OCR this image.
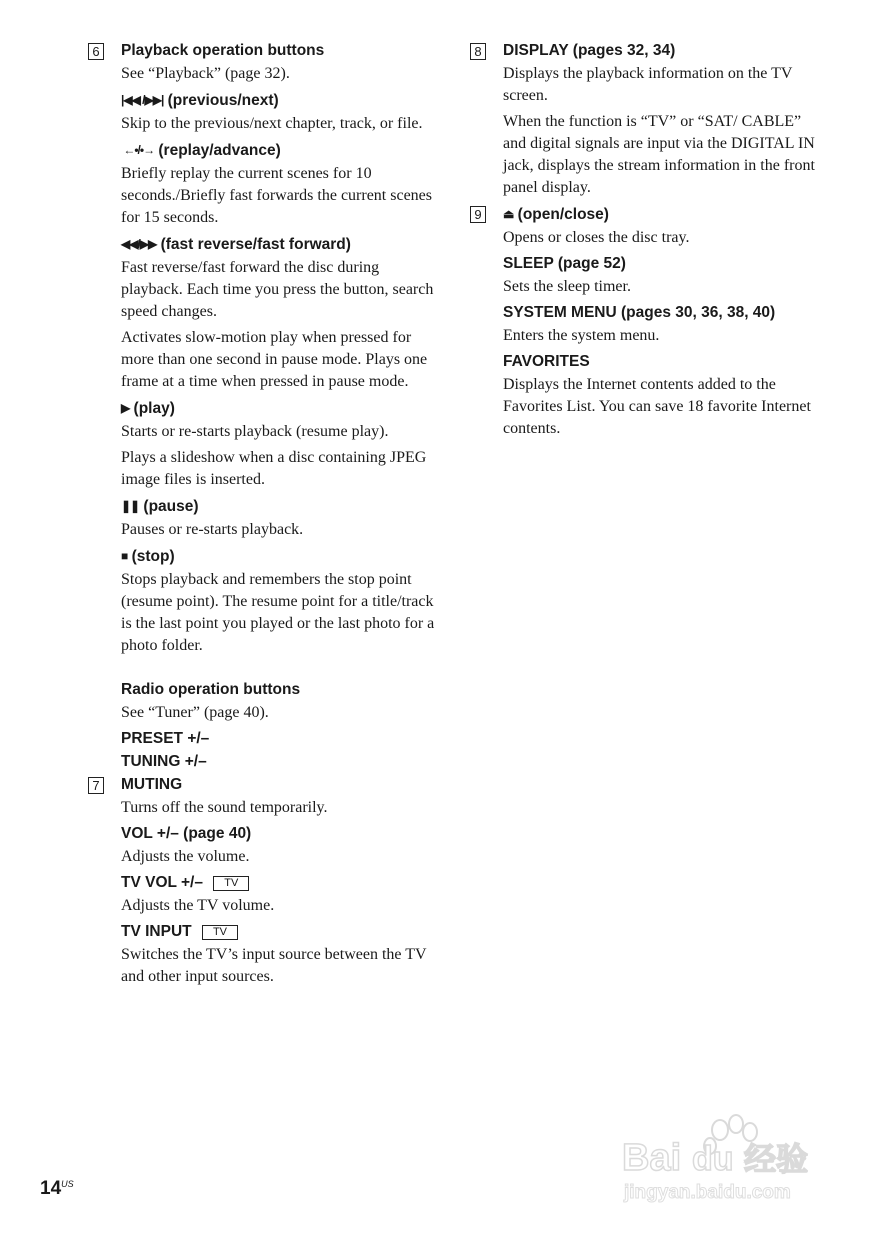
6 Playback operation buttons

See “Playback” (page 32).

|◀◀ /▶▶| (previous/next)

Skip to the previous/next chapter, track, or file.

←•/•→ (replay/advance)

Briefly replay the current scenes for 10 seconds./Briefly fast forwards the current scenes for 15 seconds.

◀◀/▶▶ (fast reverse/fast forward)

Fast reverse/fast forward the disc during playback. Each time you press the button, search speed changes.

Activates slow-motion play when pressed for more than one second in pause mode. Plays one frame at a time when pressed in pause mode.

▶ (play)

Starts or re-starts playback (resume play).

Plays a slideshow when a disc containing JPEG image files is inserted.

❚❚ (pause)

Pauses or re-starts playback.

■ (stop)

Stops playback and remembers the stop point (resume point). The resume point for a title/track is the last point you played or the last photo for a photo folder.

Radio operation buttons

See “Tuner” (page 40).

PRESET +/–
TUNING +/–
7 MUTING

Turns off the sound temporarily.

VOL +/– (page 40)

Adjusts the volume.

TV VOL +/– TV

Adjusts the TV volume.

TV INPUT TV

Switches the TV’s input source between the TV and other input sources.

8 DISPLAY (pages 32, 34)

Displays the playback information on the TV screen.

When the function is “TV” or “SAT/ CABLE” and digital signals are input via the DIGITAL IN jack, displays the stream information in the front panel display.

9	⏏ (open/close)

Opens or closes the disc tray.

SLEEP (page 52)

Sets the sleep timer.

SYSTEM MENU (pages 30, 36, 38, 40)

Enters the system menu.

FAVORITES

Displays the Internet contents added to the Favorites List. You can save 18 favorite Internet contents.

$14^{US}$
Bai du 经验
jingyan.baidu.com
